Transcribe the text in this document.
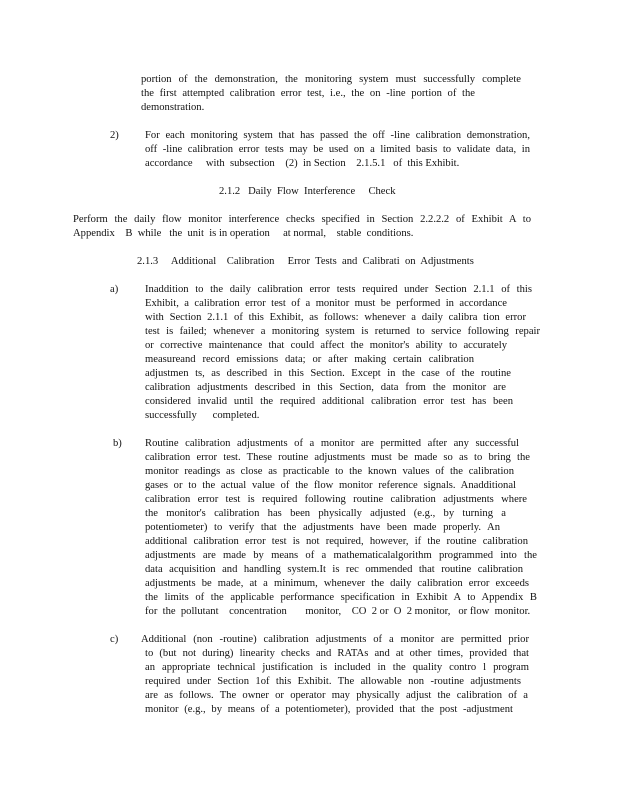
portion of the demonstration, the monitoring system must successfully complete
the first attempted calibration error test, i.e., the on -line portion of the
demonstration.
2) For each monitoring system that has passed the off -line calibration demonstration,
off -line calibration error tests may be used on a limited basis to validate data, in
accordance     with  subsection    (2)  in Section    2.1.5.1   of  this Exhibit.
2.1.2   Daily  Flow  Interference     Check
Perform the daily flow monitor interference checks specified in Section 2.2.2.2 of Exhibit A to
Appendix    B  while   the  unit  is in operation     at normal,    stable  conditions.
2.1.3     Additional    Calibration     Error  Tests  and  Calibrati  on  Adjustments
a)	Inaddition to the daily calibration error tests required under Section 2.1.1 of this
Exhibit, a calibration error test of a monitor must be performed in accordance
with Section 2.1.1 of this Exhibit, as follows: whenever a daily calibra tion error
test is failed; whenever a monitoring system is returned to service following repair
or corrective maintenance that could affect the monitor's ability to accurately
measureand record emissions data; or after making certain calibration
adjustmen ts, as described in this Section. Except in the case of the routine
calibration adjustments described in this Section, data from the monitor are
considered invalid until the required additional calibration error test has been
successfully      completed.
b) Routine calibration adjustments of a monitor are permitted after any successful
calibration error test. These routine adjustments must be made so as to bring the
monitor readings as close as practicable to the known values of the calibration
gases or to the actual value of the flow monitor reference signals. Anadditional
calibration error test is required following routine calibration adjustments where
the monitor's calibration has been physically adjusted (e.g., by turning a
potentiometer) to verify that the adjustments have been made properly. An
additional calibration error test is not required, however, if the routine calibration
adjustments are made by means of a mathematicalalgorithm programmed into the
data acquisition and handling system.It is rec ommended that routine calibration
adjustments be made, at a minimum, whenever the daily calibration error exceeds
the limits of the applicable performance specification in Exhibit A to Appendix B
for  the  pollutant    concentration       monitor,    CO  2 or  O  2 monitor,   or flow  monitor.
c) Additional (non -routine) calibration adjustments of a monitor are permitted prior
to (but not during) linearity checks and RATAs and at other times, provided that
an appropriate technical justification is included in the quality contro l program
required under Section 1of this Exhibit. The allowable non -routine adjustments
are as follows. The owner or operator may physically adjust the calibration of a
monitor (e.g., by means of a potentiometer), provided that the post -adjustment
